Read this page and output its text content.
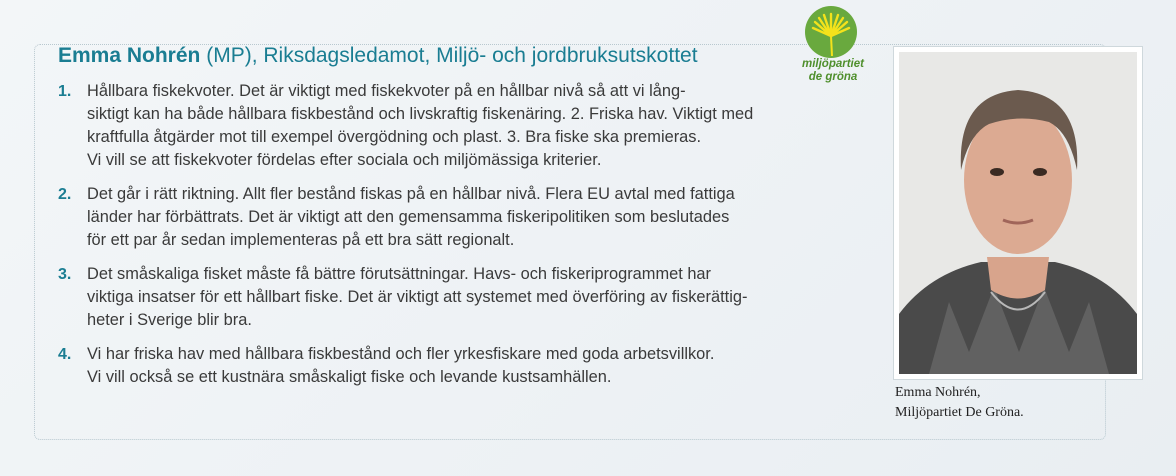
Emma Nohrén (MP), Riksdagsledamot, Miljö- och jordbruksutskottet	miljöpartiet
de gröna
1. Hållbara fiskekvoter. Det är viktigt med fiskekvoter på en hållbar nivå så att vi lång-
siktigt kan ha både hållbara fiskbestånd och livskraftig fiskenäring. 2. Friska hav. Viktigt med
kraftfulla åtgärder mot till exempel övergödning och plast. 3. Bra fiske ska premieras.
Vi vill se att fiskekvoter fördelas efter sociala och miljömässiga kriterier.
2. Det går i rätt riktning. Allt fler bestånd fiskas på en hållbar nivå. Flera EU avtal med fattiga
länder har förbättrats. Det är viktigt att den gemensamma fiskeripolitiken som beslutades
för ett par år sedan implementeras på ett bra sätt regionalt.
3. Det småskaliga fisket måste få bättre förutsättningar. Havs- och fiskeriprogrammet har
viktiga insatser för ett hållbart fiske. Det är viktigt att systemet med överföring av fiskerättig-
heter i Sverige blir bra.
4. Vi har friska hav med hållbara fiskbestånd och fler yrkesfiskare med goda arbetsvillkor.
Vi vill också se ett kustnära småskaligt fiske och levande kustsamhällen.
Emma Nohrén,
Miljöpartiet De Gröna.
